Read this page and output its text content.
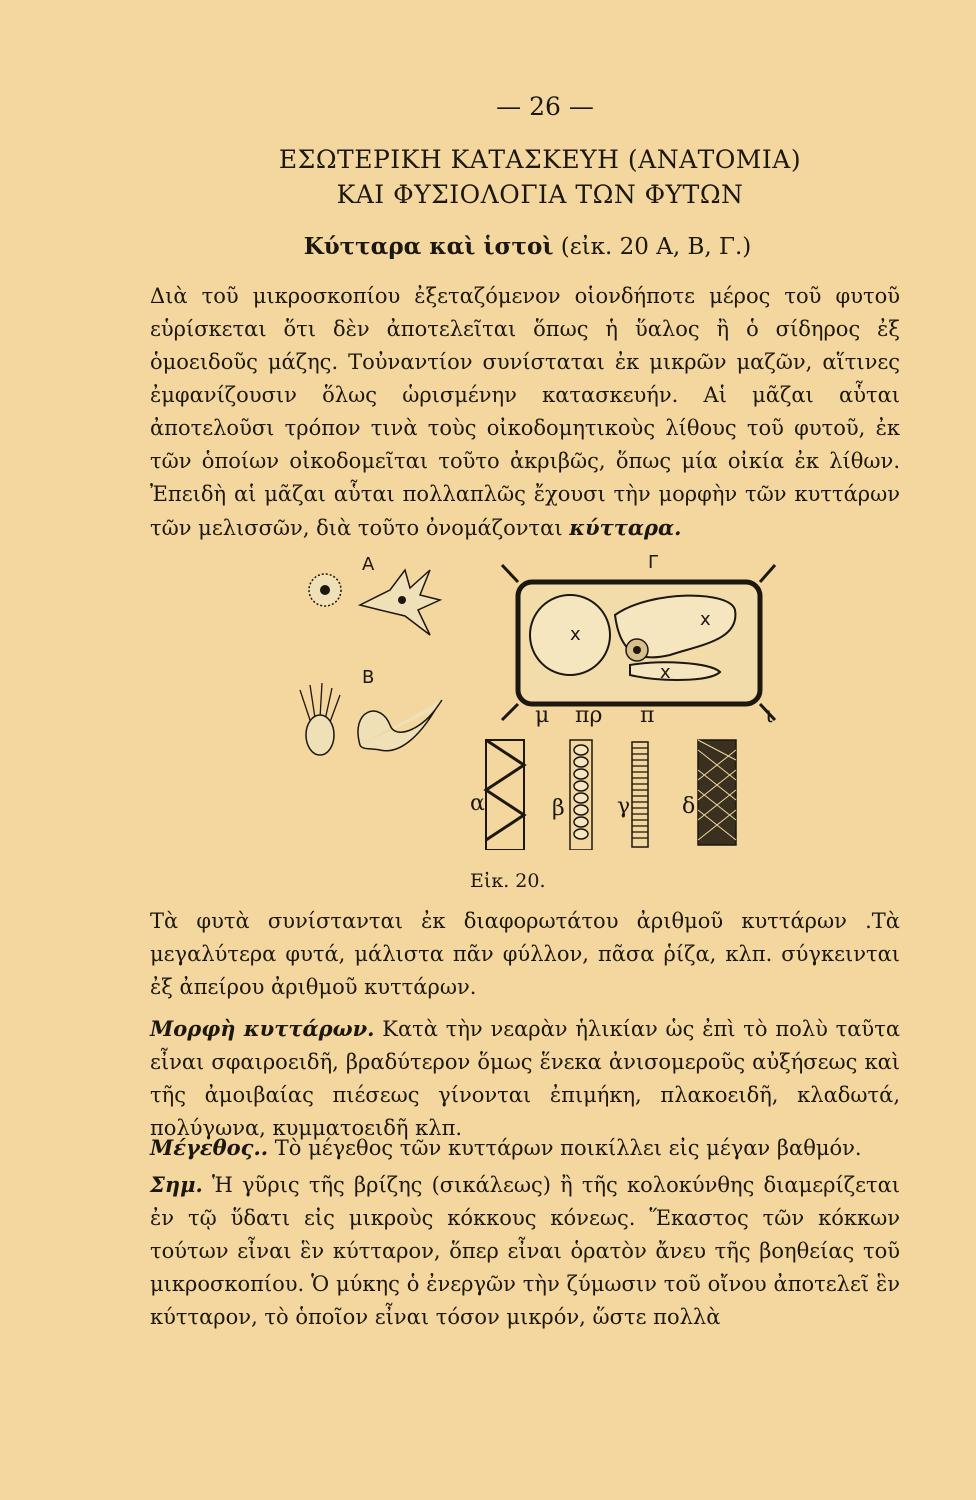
— 26 —
ΕΣΩΤΕΡΙΚΗ ΚΑΤΑΣΚΕΥΗ (ΑΝΑΤΟΜΙΑ)
ΚΑΙ ΦΥΣΙΟΛΟΓΙΑ ΤΩΝ ΦΥΤΩΝ
Κύτταρα καὶ ἱστοὶ (εἰκ. 20 Α, Β, Γ.)
Διὰ τοῦ μικροσκοπίου ἐξεταζόμενον οἱονδήποτε μέρος τοῦ φυτοῦ εὑρίσκεται ὅτι δὲν ἀποτελεῖται ὅπως ἡ ὕαλος ἢ ὁ σίδηρος ἐξ ὁμοειδοῦς μάζης. Τοὐναντίον συνίσταται ἐκ μικρῶν μαζῶν, αἵτινες ἐμφανίζουσιν ὅλως ὡρισμένην κατασκευήν. Αἱ μᾶζαι αὗται ἀποτελοῦσι τρόπον τινὰ τοὺς οἰκοδομητικοὺς λίθους τοῦ φυτοῦ, ἐκ τῶν ὁποίων οἰκοδομεῖται τοῦτο ἀκριβῶς, ὅπως μία οἰκία ἐκ λίθων. Ἐπειδὴ αἱ μᾶζαι αὗται πολλαπλῶς ἔχουσι τὴν μορφὴν τῶν κυττάρων τῶν μελισσῶν, διὰ τοῦτο ὀνομάζονται κύτταρα.
Α
Β
Γ
x
x
x
μ πρ π	ι
α	β γ δ
Εἰκ. 20.
Τὰ φυτὰ συνίστανται ἐκ διαφορωτάτου ἀριθμοῦ κυττάρων .Τὰ μεγαλύτερα φυτά, μάλιστα πᾶν φύλλον, πᾶσα ῥίζα, κλπ. σύγκεινται ἐξ ἀπείρου ἀριθμοῦ κυττάρων.
Μορφὴ κυττάρων. Κατὰ τὴν νεαρὰν ἡλικίαν ὡς ἐπὶ τὸ πολὺ ταῦτα εἶναι σφαιροειδῆ, βραδύτερον ὅμως ἕνεκα ἀνισομεροῦς αὐξήσεως καὶ τῆς ἀμοιβαίας πιέσεως γίνονται ἐπιμήκη, πλακοειδῆ, κλαδωτά, πολύγωνα, κυμματοειδῆ κλπ.
Μέγεθος.. Τὸ μέγεθος τῶν κυττάρων ποικίλλει εἰς μέγαν βαθμόν.
Σημ. Ἡ γῦρις τῆς βρίζης (σικάλεως) ἢ τῆς κολοκύνθης διαμερίζεται ἐν τῷ ὕδατι εἰς μικροὺς κόκκους κόνεως. Ἕκαστος τῶν κόκκων τούτων εἶναι ἓν κύτταρον, ὅπερ εἶναι ὁρατὸν ἄνευ τῆς βοηθείας τοῦ μικροσκοπίου. Ὁ μύκης ὁ ἐνεργῶν τὴν ζύμωσιν τοῦ οἴνου ἀποτελεῖ ἓν κύτταρον, τὸ ὁποῖον εἶναι τόσον μικρόν, ὥστε πολλὰ
